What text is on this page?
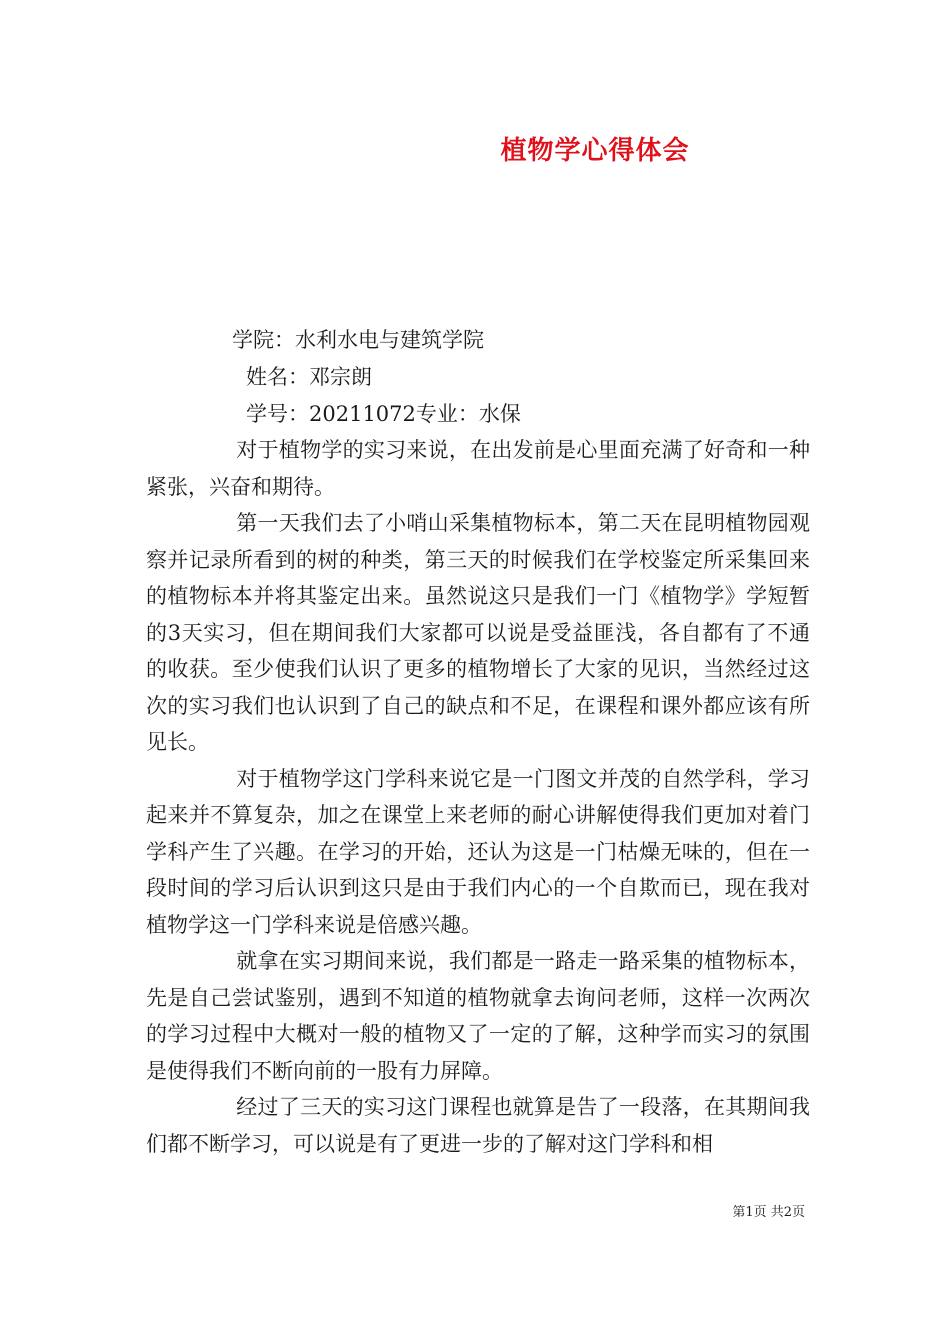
植物学心得体会
学院：水利水电与建筑学院
姓名：邓宗朗
学号：20211072专业：水保

对于植物学的实习来说，在出发前是心里面充满了好奇和一种紧张，兴奋和期待。

第一天我们去了小哨山采集植物标本，第二天在昆明植物园观察并记录所看到的树的种类，第三天的时候我们在学校鉴定所采集回来的植物标本并将其鉴定出来。虽然说这只是我们一门《植物学》学短暂的3天实习，但在期间我们大家都可以说是受益匪浅，各自都有了不通的收获。至少使我们认识了更多的植物增长了大家的见识，当然经过这次的实习我们也认识到了自己的缺点和不足，在课程和课外都应该有所见长。

对于植物学这门学科来说它是一门图文并茂的自然学科，学习起来并不算复杂，加之在课堂上来老师的耐心讲解使得我们更加对着门学科产生了兴趣。在学习的开始，还认为这是一门枯燥无味的，但在一段时间的学习后认识到这只是由于我们内心的一个自欺而已，现在我对植物学这一门学科来说是倍感兴趣。

就拿在实习期间来说，我们都是一路走一路采集的植物标本，先是自己尝试鉴别，遇到不知道的植物就拿去询问老师，这样一次两次的学习过程中大概对一般的植物又了一定的了解，这种学而实习的氛围是使得我们不断向前的一股有力屏障。

经过了三天的实习这门课程也就算是告了一段落，在其期间我们都不断学习，可以说是有了更进一步的了解对这门学科和相

第1页 共2页
